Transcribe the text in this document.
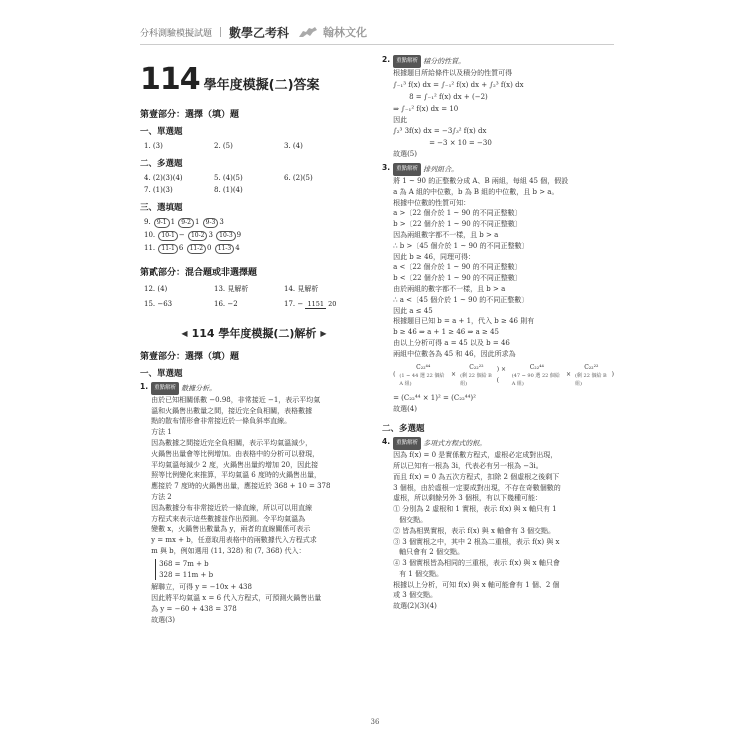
分科測驗模擬試題 數學乙考科	翰林文化
114 學年度模擬(二)答案
第壹部分：選擇（填）題
一、單選題
1. (3)	2. (5)	3. (4)
二、多選題
4. (2)(3)(4)	5. (4)(5)	6. (2)(5)
7. (1)(3)	8. (1)(4)
三、選填題
9. 9-1 1 9-2 1 9-3 3
10. 10-1 − 10-2 3 10-3 9
11. 11-1 6 11-2 0 11-3 4
第貳部分：混合題或非選擇題
12. (4)	13. 見解析	14. 見解析
15. −63	16. −2	17. − 1151 20
◀ 114 學年度模擬(二)解析 ▶
第壹部分：選擇（填）題
一、單選題
1.	重點解析 數據分析。
由於已知相關係數 −0.98，非常接近 −1，表示平均氣
溫和火鍋售出數量之間，接近完全負相關，表格數據
點的散布情形會非常接近於一條負斜率直線。
方法 1
因為數據之間接近完全負相關，表示平均氣溫減少，
火鍋售出量會等比例增加。由表格中的分析可以發現，
平均氣溫每減少 2 度，火鍋售出量約增加 20，因此接
照等比例變化來推算，平均氣溫 6 度時的火鍋售出量，
應接於 7 度時的火鍋售出量，應接近於 368 + 10 = 378
方法 2
因為數據分布非常接近於一條直線，所以可以用直線
方程式來表示這些數據並作出預測。令平均氣溫為
變數 x，火鍋售出數量為 y，兩者的直線關係可表示
y = mx + b，任意取用表格中的兩數據代入方程式求
m 與 b，例如選用 (11, 328) 和 (7, 368) 代入：
368 = 7m + b
328 = 11m + b
解聯立，可得 y = −10x + 438
因此將平均氣溫 x = 6 代入方程式，可預測火鍋售出量
為 y = −60 + 438 = 378
故選(3)
2.	重點解析 積分的性質。
根據題目所給條件以及積分的性質可得
∫₋₁³ f(x) dx = ∫₋₁² f(x) dx + ∫₂³ f(x) dx
8 = ∫₋₁² f(x) dx + (−2)
⇒ ∫₋₁² f(x) dx = 10
因此
∫₂³ 3f(x) dx = −3∫₃² f(x) dx
= −3 × 10 = −30
故選(5)
3.	重點解析 排列組合。
將 1 ~ 90 的正整數分成 A、B 兩組，每組 45 個，假設
a 為 A 組的中位數，b 為 B 組的中位數，且 b > a。
根據中位數的性質可知：
a >〔22 個介於 1 ~ 90 的不同正整數〕
b >〔22 個介於 1 ~ 90 的不同正整數〕
因為兩組數字都不一樣，且 b > a
∴ b >〔45 個介於 1 ~ 90 的不同正整數〕
因此 b ≥ 46，同理可得：
a <〔22 個介於 1 ~ 90 的不同正整數〕
b <〔22 個介於 1 ~ 90 的不同正整數〕
由於兩組的數字都不一樣，且 b > a
∴ a <〔45 個介於 1 ~ 90 的不同正整數〕
因此 a ≤ 45
根據題目已知 b = a + 1，代入 b ≥ 46 則有
b ≥ 46 ⇒ a + 1 ≥ 46 ⇒ a ≥ 45
由以上分析可得 a = 45 以及 b = 46
兩組中位數各為 45 和 46，因此所求為
(
C₂₂⁴⁴
(1 ~ 44 選 22 個給 A 組)
×
C₂₂²²
(剩 22 個給 B 組)
) × (
C₂₂⁴⁴
(47 ~ 90 選 22 個給 A 組)
×
C₂₂²²
(剩 22 個給 B 組)
)
= (C₂₂⁴⁴ × 1)² = (C₂₂⁴⁴)²
故選(4)
二、多選題
4.	重點解析 多項式方程式的根。
因為 f(x) = 0 是實係數方程式，虛根必定成對出現，
所以已知有一根為 3i，代表必有另一根為 −3i。
而且 f(x) = 0 為五次方程式，扣除 2 個虛根之後剩下
3 個根，由於虛根一定要成對出現，不存在奇數個數的
虛根，所以剩餘另外 3 個根，有以下幾種可能：
① 分別為 2 虛根和 1 實根，表示 f(x) 與 x 軸只有 1
個交點。
② 皆為相異實根，表示 f(x) 與 x 軸會有 3 個交點。
③ 3 個實根之中，其中 2 根為二重根，表示 f(x) 與 x
軸只會有 2 個交點。
④ 3 個實根皆為相同的三重根，表示 f(x) 與 x 軸只會
有 1 個交點。
根據以上分析，可知 f(x) 與 x 軸可能會有 1 個、2 個
或 3 個交點。
故選(2)(3)(4)
36
